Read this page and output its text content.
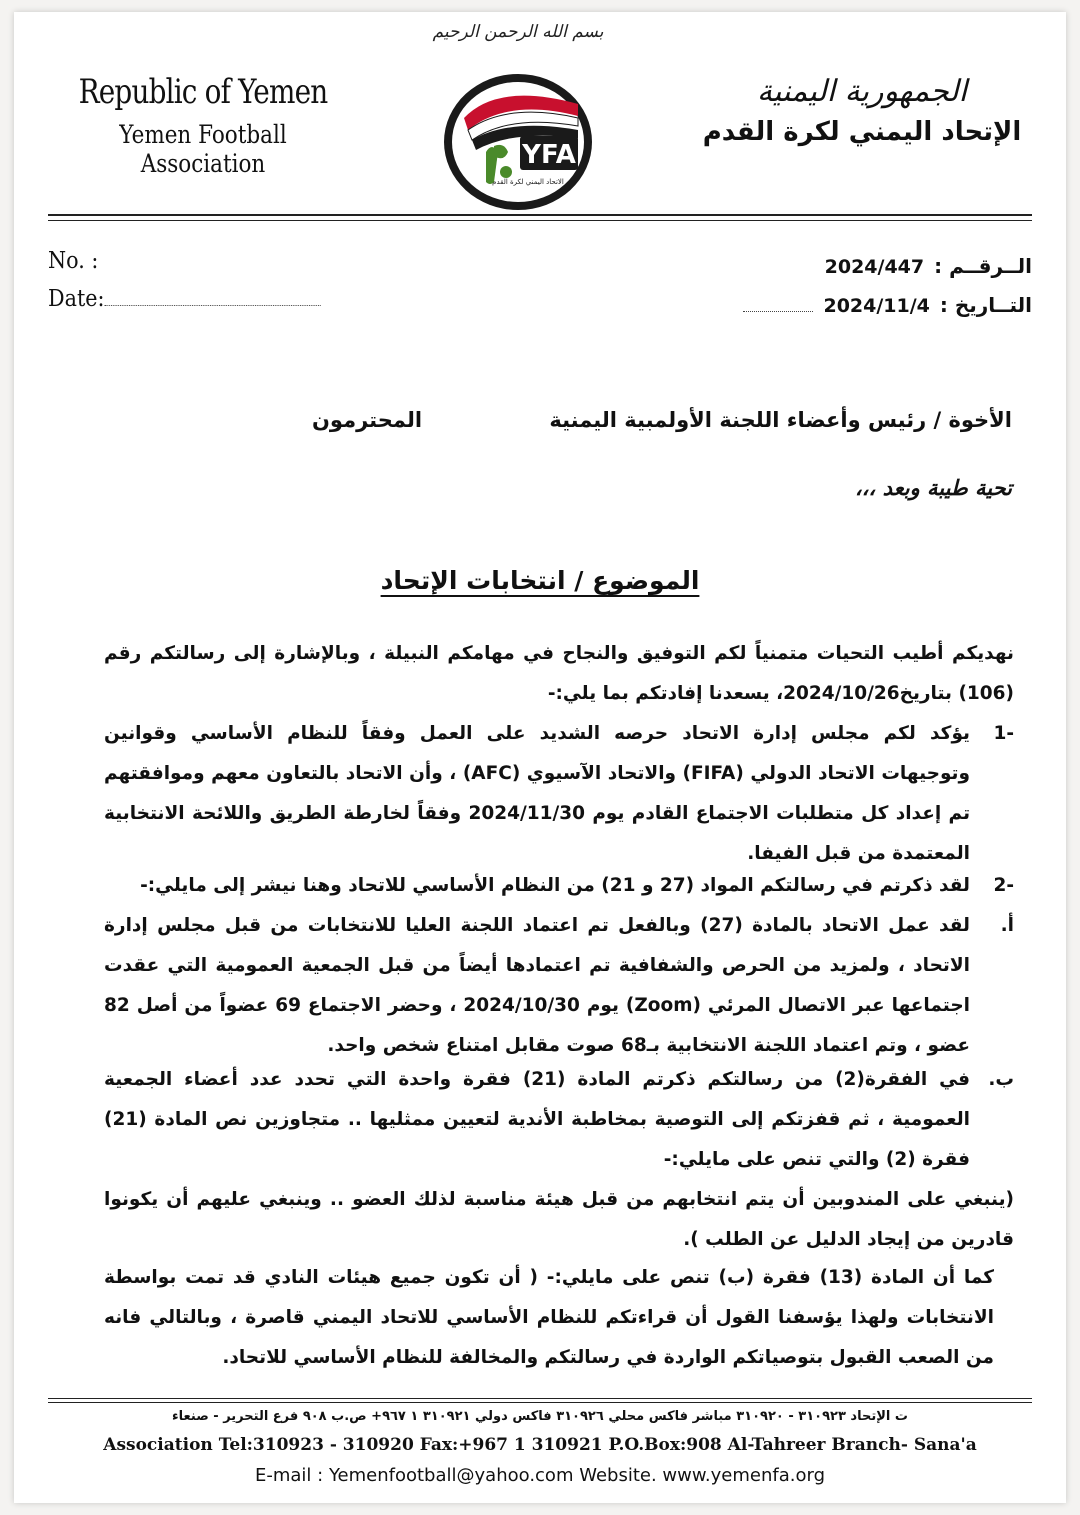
Republic of Yemen
Yemen Football Association
بسم الله الرحمن الرحيم
YFA
الاتحاد اليمني لكرة القدم
الجمهورية اليمنية
الإتحاد اليمني لكرة القدم
No. :
Date:
الــرقــم :
2024/447
التــاريخ :
2024/11/4
الأخوة / رئيس وأعضاء اللجنة الأولمبية اليمنية
المحترمون
تحية طيبة وبعد ،،،
الموضوع / انتخابات الإتحاد
نهديكم أطيب التحيات متمنياً لكم التوفيق والنجاح في مهامكم النبيلة ، وبالإشارة إلى رسالتكم رقم (106) بتاريخ2024/10/26، يسعدنا إفادتكم بما يلي:-
-1
يؤكد لكم مجلس إدارة الاتحاد حرصه الشديد على العمل وفقاً للنظام الأساسي وقوانين وتوجيهات الاتحاد الدولي (FIFA) والاتحاد الآسيوي (AFC) ، وأن الاتحاد بالتعاون معهم وموافقتهم تم إعداد كل متطلبات الاجتماع القادم يوم 2024/11/30 وفقاً لخارطة الطريق واللائحة الانتخابية المعتمدة من قبل الفيفا.
-2
لقد ذكرتم في رسالتكم المواد (27 و 21) من النظام الأساسي للاتحاد وهنا نيشر إلى مايلي:-
أ.
لقد عمل الاتحاد بالمادة (27) وبالفعل تم اعتماد اللجنة العليا للانتخابات من قبل مجلس إدارة الاتحاد ، ولمزيد من الحرص والشفافية تم اعتمادها أيضاً من قبل الجمعية العمومية التي عقدت اجتماعها عبر الاتصال المرئي (Zoom) يوم 2024/10/30 ، وحضر الاجتماع 69 عضواً من أصل 82 عضو ، وتم اعتماد اللجنة الانتخابية بـ68 صوت مقابل امتناع شخص واحد.
ب.
في الفقرة(2) من رسالتكم ذكرتم المادة (21) فقرة واحدة التي تحدد عدد أعضاء الجمعية العمومية ، ثم قفزتكم إلى التوصية بمخاطبة الأندية لتعيين ممثليها .. متجاوزين نص المادة (21) فقرة (2) والتي تنص على مايلي:-
(ينبغي على المندوبين أن يتم انتخابهم من قبل هيئة مناسبة لذلك العضو .. وينبغي عليهم أن يكونوا قادرين من إيجاد الدليل عن الطلب ).
كما أن المادة (13) فقرة (ب) تنص على مايلي:- ( أن تكون جميع هيئات النادي قد تمت بواسطة الانتخابات ولهذا يؤسفنا القول أن قراءتكم للنظام الأساسي للاتحاد اليمني قاصرة ، وبالتالي فانه من الصعب القبول بتوصياتكم الواردة في رسالتكم والمخالفة للنظام الأساسي للاتحاد.
ت الإتحاد ٣١٠٩٢٣ - ٣١٠٩٢٠ مباشر فاكس محلي ٣١٠٩٢٦ فاكس دولي ٣١٠٩٢١ ١ ٩٦٧+ ص.ب ٩٠٨ فرع التحرير - صنعاء
Association Tel:310923 - 310920 Fax:+967 1 310921 P.O.Box:908 Al-Tahreer Branch- Sana'a
E-mail : Yemenfootball@yahoo.com Website. www.yemenfa.org
